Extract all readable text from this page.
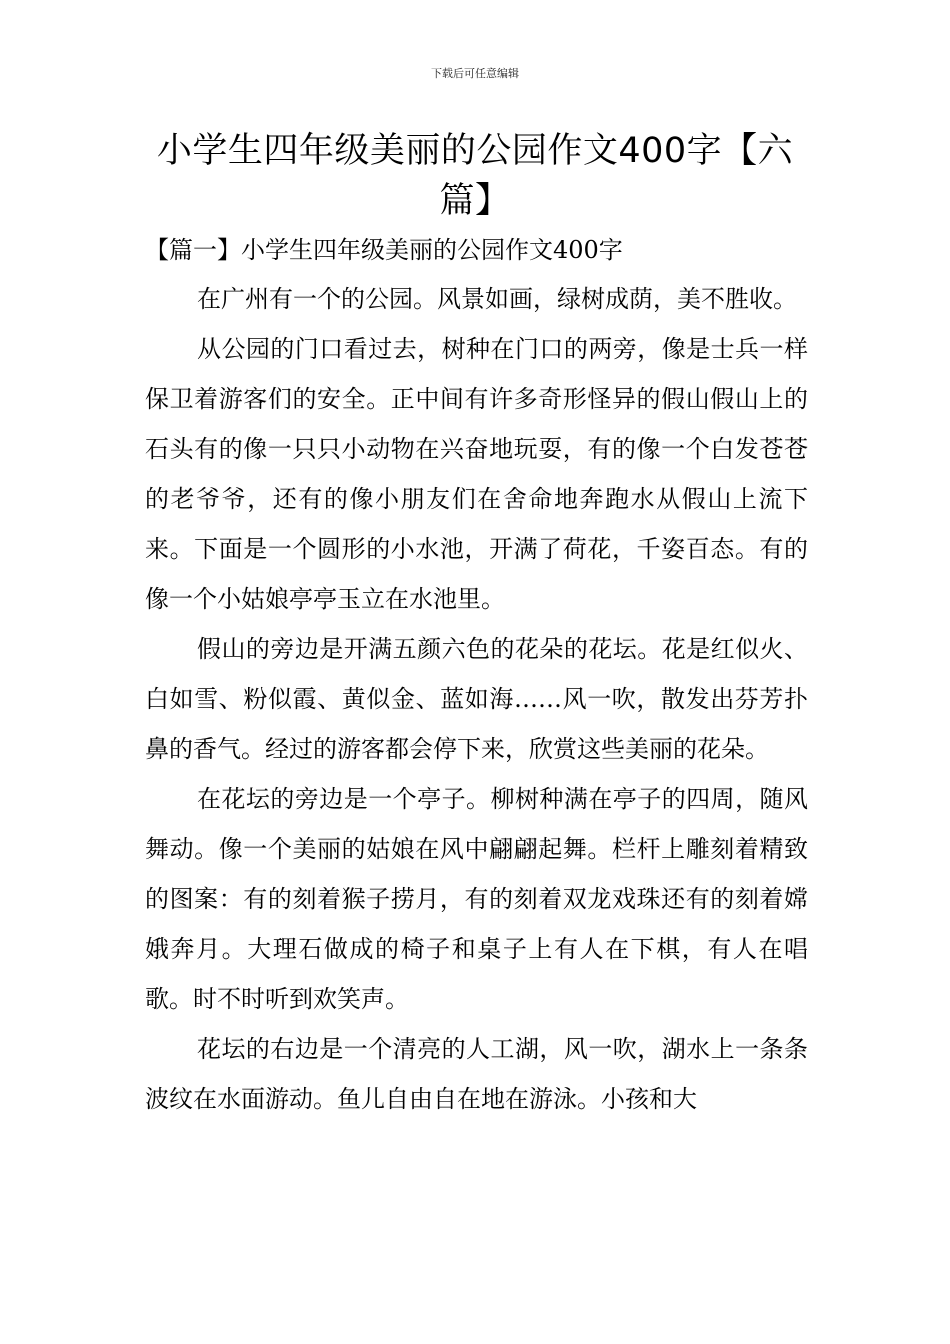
下载后可任意编辑
小学生四年级美丽的公园作文400字【六篇】

【篇一】小学生四年级美丽的公园作文400字

在广州有一个的公园。风景如画，绿树成荫，美不胜收。

从公园的门口看过去，树种在门口的两旁，像是士兵一样保卫着游客们的安全。正中间有许多奇形怪异的假山假山上的石头有的像一只只小动物在兴奋地玩耍，有的像一个白发苍苍的老爷爷，还有的像小朋友们在舍命地奔跑水从假山上流下来。下面是一个圆形的小水池，开满了荷花，千姿百态。有的像一个小姑娘亭亭玉立在水池里。

假山的旁边是开满五颜六色的花朵的花坛。花是红似火、白如雪、粉似霞、黄似金、蓝如海……风一吹，散发出芬芳扑鼻的香气。经过的游客都会停下来，欣赏这些美丽的花朵。

在花坛的旁边是一个亭子。柳树种满在亭子的四周，随风舞动。像一个美丽的姑娘在风中翩翩起舞。栏杆上雕刻着精致的图案：有的刻着猴子捞月，有的刻着双龙戏珠还有的刻着嫦娥奔月。大理石做成的椅子和桌子上有人在下棋，有人在唱歌。时不时听到欢笑声。

花坛的右边是一个清亮的人工湖，风一吹，湖水上一条条波纹在水面游动。鱼儿自由自在地在游泳。小孩和大
